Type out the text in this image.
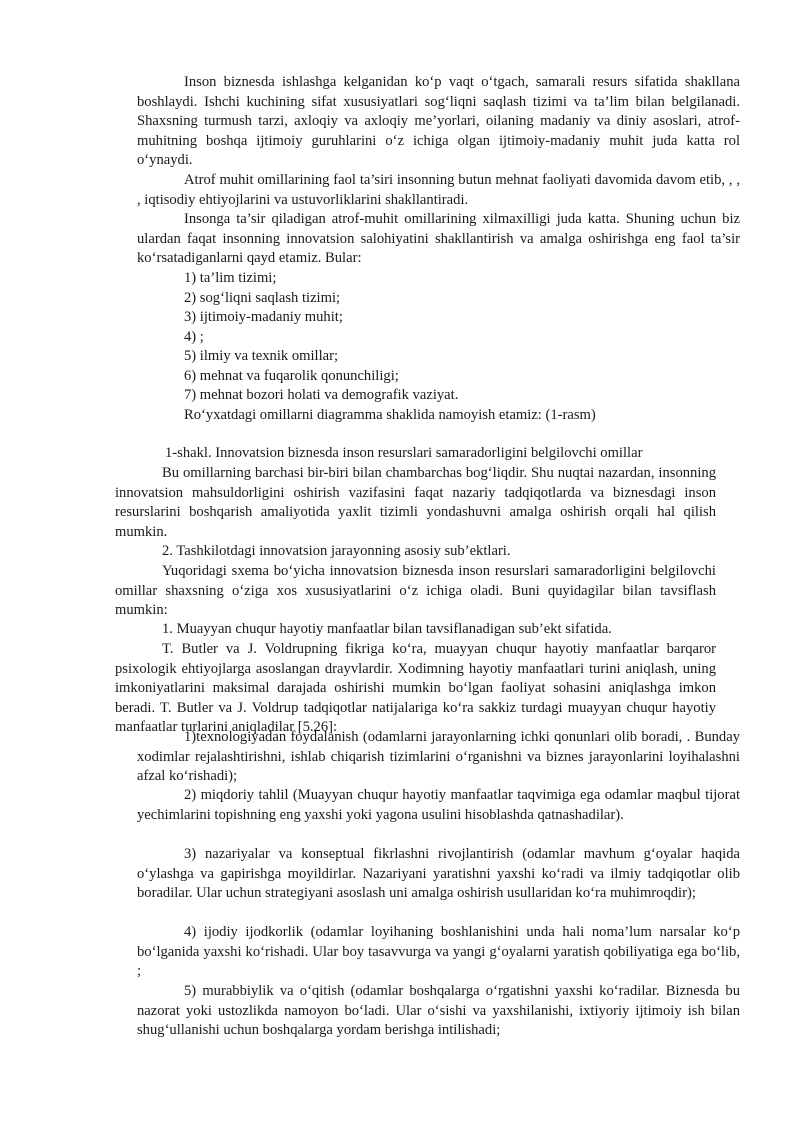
Inson biznesda ishlashga kelganidan ko‘p vaqt o‘tgach, samarali resurs sifatida shakllana boshlaydi. Ishchi kuchining sifat xususiyatlari sog‘liqni saqlash tizimi va ta’lim bilan belgilanadi. Shaxsning turmush tarzi, axloqiy va axloqiy me’yorlari, oilaning madaniy va diniy asoslari, atrof-muhitning boshqa ijtimoiy guruhlarini o‘z ichiga olgan ijtimoiy-madaniy muhit juda katta rol o‘ynaydi.

Atrof muhit omillarining faol ta’siri insonning butun mehnat faoliyati davomida davom etib, , , , iqtisodiy ehtiyojlarini va ustuvorliklarini shakllantiradi.

Insonga ta’sir qiladigan atrof-muhit omillarining xilmaxilligi juda katta. Shuning uchun biz ulardan faqat insonning innovatsion salohiyatini shakllantirish va amalga oshirishga eng faol ta’sir ko‘rsatadiganlarni qayd etamiz. Bular:

1) ta’lim tizimi;
2) sog‘liqni saqlash tizimi;
3) ijtimoiy-madaniy muhit;
4) ;
5) ilmiy va texnik omillar;
6) mehnat va fuqarolik qonunchiligi;
7) mehnat bozori holati va demografik vaziyat.
Ro‘yxatdagi omillarni diagramma shaklida namoyish etamiz: (1-rasm)
1-shakl. Innovatsion biznesda inson resurslari samaradorligini belgilovchi omillar

Bu omillarning barchasi bir-biri bilan chambarchas bog‘liqdir. Shu nuqtai nazardan, insonning innovatsion mahsuldorligini oshirish vazifasini faqat nazariy tadqiqotlarda va biznesdagi inson resurslarini boshqarish amaliyotida yaxlit tizimli yondashuvni amalga oshirish orqali hal qilish mumkin.

2. Tashkilotdagi innovatsion jarayonning asosiy sub’ektlari.

Yuqoridagi sxema bo‘yicha innovatsion biznesda inson resurslari samaradorligini belgilovchi omillar shaxsning o‘ziga xos xususiyatlarini o‘z ichiga oladi. Buni quyidagilar bilan tavsiflash mumkin:

1. Muayyan chuqur hayotiy manfaatlar bilan tavsiflanadigan sub’ekt sifatida.

T. Butler va J. Voldrupning fikriga ko‘ra, muayyan chuqur hayotiy manfaatlar barqaror psixologik ehtiyojlarga asoslangan drayvlardir. Xodimning hayotiy manfaatlari turini aniqlash, uning imkoniyatlarini maksimal darajada oshirishi mumkin bo‘lgan faoliyat sohasini aniqlashga imkon beradi. T. Butler va J. Voldrup tadqiqotlar natijalariga ko‘ra sakkiz turdagi muayyan chuqur hayotiy manfaatlar turlarini aniqladilar [5.26]:

1)texnologiyadan foydalanish (odamlarni jarayonlarning ichki qonunlari olib boradi, . Bunday xodimlar rejalashtirishni, ishlab chiqarish tizimlarini o‘rganishni va biznes jarayonlarini loyihalashni afzal ko‘rishadi);

2) miqdoriy tahlil (Muayyan chuqur hayotiy manfaatlar taqvimiga ega odamlar maqbul tijorat yechimlarini topishning eng yaxshi yoki yagona usulini hisoblashda qatnashadilar).

3) nazariyalar va konseptual fikrlashni rivojlantirish (odamlar mavhum g‘oyalar haqida o‘ylashga va gapirishga moyildirlar. Nazariyani yaratishni yaxshi ko‘radi va ilmiy tadqiqotlar olib boradilar. Ular uchun strategiyani asoslash uni amalga oshirish usullaridan ko‘ra muhimroqdir);

4) ijodiy ijodkorlik (odamlar loyihaning boshlanishini unda hali noma’lum narsalar ko‘p bo‘lganida yaxshi ko‘rishadi. Ular boy tasavvurga va yangi g‘oyalarni yaratish qobiliyatiga ega bo‘lib, ;

5) murabbiylik va o‘qitish (odamlar boshqalarga o‘rgatishni yaxshi ko‘radilar. Biznesda bu nazorat yoki ustozlikda namoyon bo‘ladi. Ular o‘sishi va yaxshilanishi, ixtiyoriy ijtimoiy ish bilan shug‘ullanishi uchun boshqalarga yordam berishga intilishadi;
